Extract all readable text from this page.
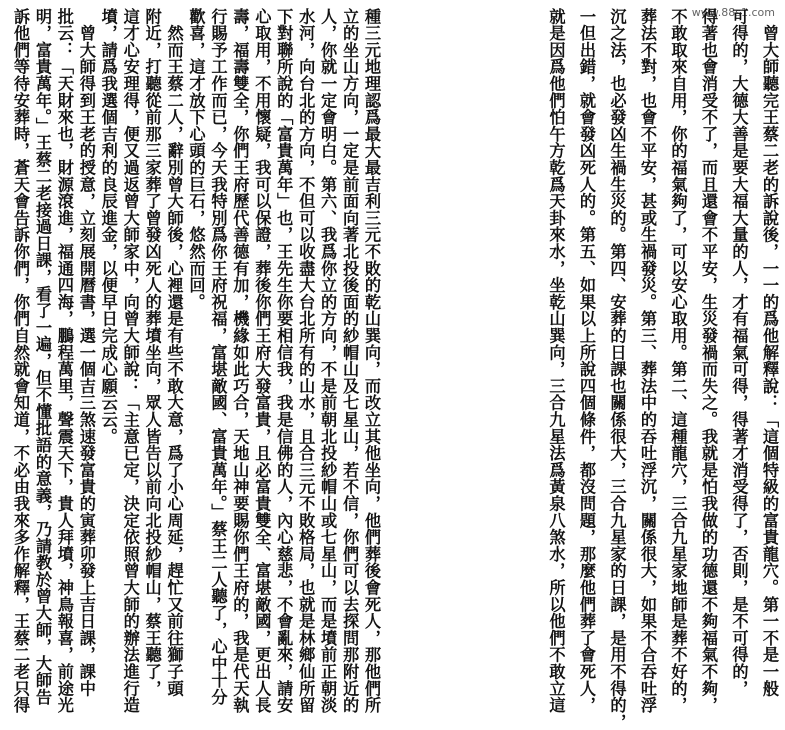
www.88s1.com
　曾大師聽完王蔡二老的訴說後，一一的爲他解釋說：「這個特級的富貴龍穴。第一不是一般
可得的，大德大善是要大福大量的人，才有福氣可得，得著才消受得了，否則，是不可得的，
得著也會消受不了，而且還會不平安，生災發禍而失之。我就是怕我做的功德還不夠福氣不夠，
不敢取來自用，你的福氣夠了，可以安心取用。第二、這種龍穴，三合九星家地師是葬不好的，
葬法不對，也會不平安，甚或生禍發災。第三、葬法中的吞吐浮沉，關係很大，如果不合吞吐浮
沉之法，也必發凶生禍生災的。第四、安葬的日課也關係很大，三合九星家的日課，是用不得的，
一但出錯，就會發凶死人的。第五、如果以上所說四個條件，都沒問題，那麼他們葬了會死人，
就是因爲他們怕午方乾爲天卦來水，坐乾山巽向，三合九星法爲黃泉八煞水，所以他們不敢立這
種三元地理認爲最大最吉利三元不敗的乾山巽向，而改立其他坐向，他們葬後會死人，那他們所
立的坐山方向，一定是前面向著北投後面的紗帽山及七星山，若不信，你們可以去探問那附近的
人，你就一定會明白。第六、我爲你立的方向，不是前朝北投紗帽山或七星山，而是墳前正朝淡
水河，向台北的方向，不但可以收盡大台北所有的山水，且合三元不敗格局，也就是林鄉仙所留
下對聯所說的「富貴萬年」也，王先生你要相信我，我是信佛的人，內心慈悲，不會亂來，請安
心取用，不用懷疑，我可以保證，葬後你們王府大發富貴，且必富貴雙全、富堪敵國，更出人長
壽，福壽雙全，你們王府歷代善德有加，機緣如此巧合，天地山神要賜你們王府的，我是代天執
行賜予工作而已，今天我特別爲你王府祝福，富堪敵國、富貴萬年。」蔡王二人聽了，心中十分
歡喜，這才放下心頭的巨石，悠然而回。
　然而王蔡二人，辭別曾大師後，心裡還是有些不敢大意，爲了小心周延，趕忙又前往獅子頭
附近，打聽從前那三家葬了曾發凶死人的葬墳坐向，眾人皆告以前向北投紗帽山，蔡王聽了，
這才心安理得，便又過返曾大師家中，向曾大師說：「主意已定，決定依照曾大師的辦法進行造
墳，請爲我選個吉利的良辰進金，以便早日完成心願云云。
　曾大師得到王老的授意，立刻展開曆書，選一個吉三煞速發富貴的寅葬卯發上吉日課，課中
批云：「天財來也，財源滾進，福通四海，鵬程萬里，聲震天下，貴人拜墳，神鳥報喜，前途光
明，富貴萬年。」王蔡二老接過日課，看了一遍，但不懂批語的意義，乃請教於曾大師，大師告
訴他們等待安葬時，蒼天會告訴你們，你們自然就會知道，不必由我來多作解釋，王蔡二老只得
